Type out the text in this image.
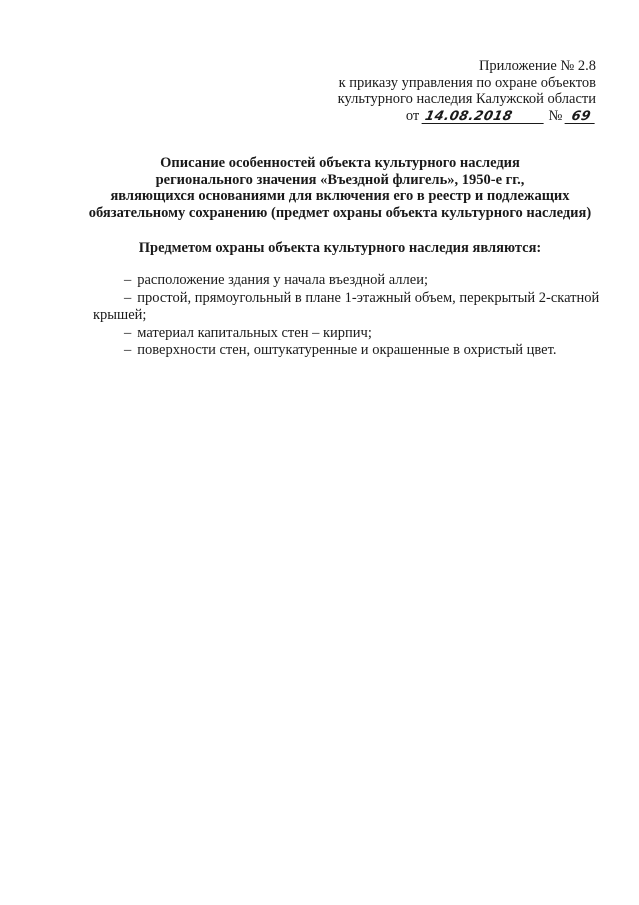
Приложение № 2.8
к приказу управления по охране объектов
культурного наследия Калужской области
от 14.08.2018 № 69
Описание особенностей объекта культурного наследия
регионального значения «Въездной флигель», 1950-е гг.,
являющихся основаниями для включения его в реестр и подлежащих
обязательному сохранению (предмет охраны объекта культурного наследия)
Предметом охраны объекта культурного наследия являются:
– расположение здания у начала въездной аллеи;
– простой, прямоугольный в плане 1-этажный объем, перекрытый 2-скатной крышей;
– материал капитальных стен – кирпич;
– поверхности стен, оштукатуренные и окрашенные в охристый цвет.
